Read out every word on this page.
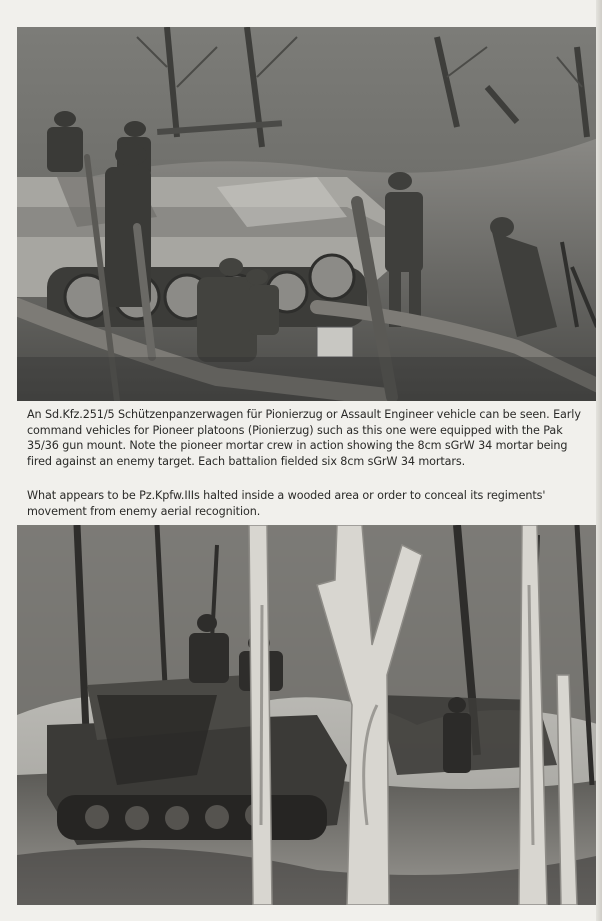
An Sd.Kfz.251/5 Schützenpanzerwagen für Pionierzug or Assault Engineer vehicle can be seen. Early command vehicles for Pioneer platoons (Pionierzug) such as this one were equipped with the Pak 35/36 gun mount. Note the pioneer mortar crew in action showing the 8cm sGrW 34 mortar being fired against an enemy target. Each battalion fielded six 8cm sGrW 34 mortars.

What appears to be Pz.Kpfw.IIIs halted inside a wooded area or order to conceal its regiments' movement from enemy aerial recognition.
